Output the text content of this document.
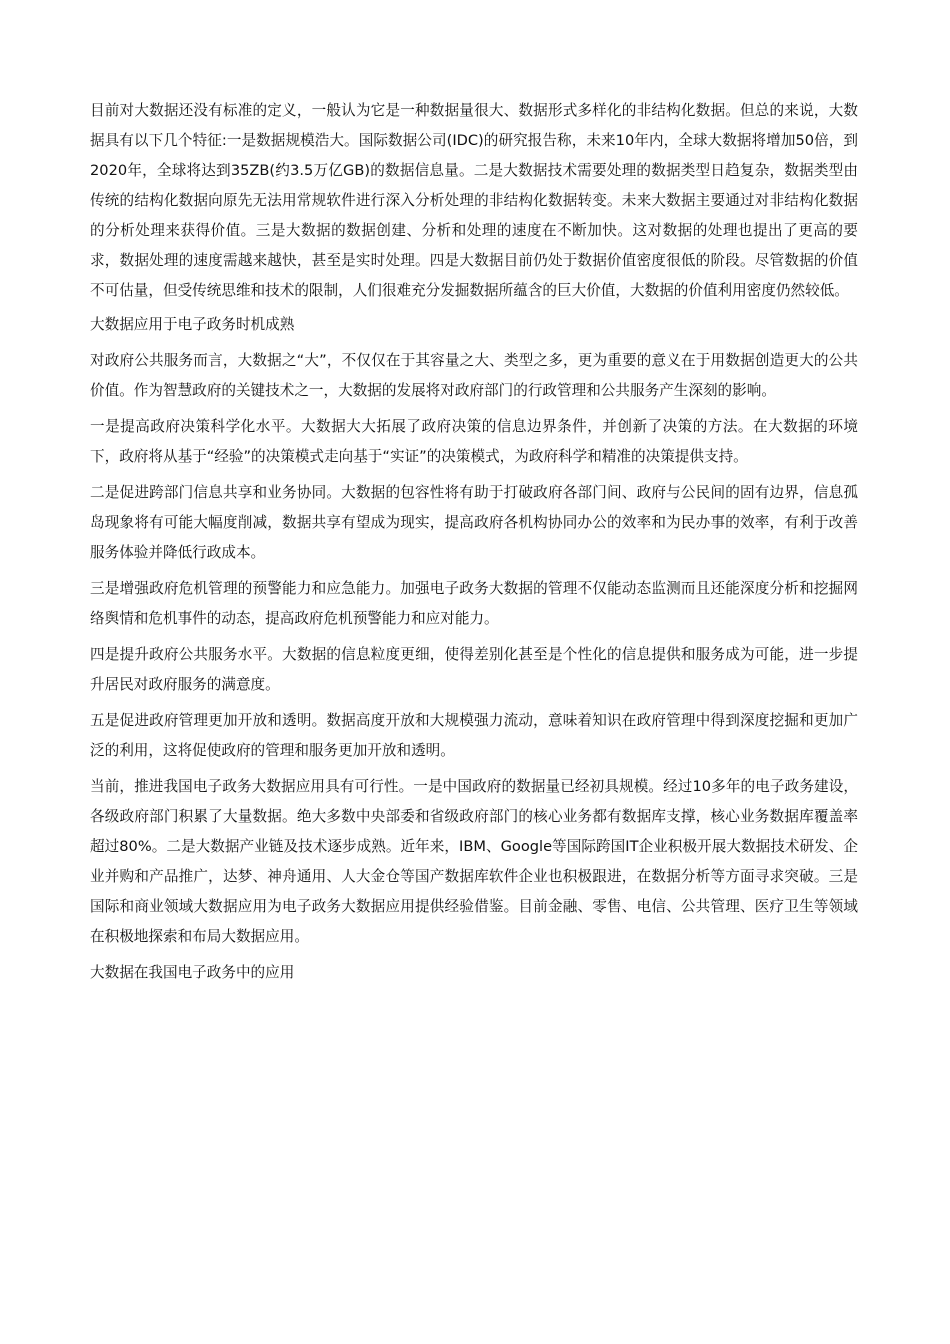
目前对大数据还没有标准的定义，一般认为它是一种数据量很大、数据形式多样化的非结构化数据。但总的来说，大数据具有以下几个特征:一是数据规模浩大。国际数据公司(IDC)的研究报告称，未来10年内，全球大数据将增加50倍，到2020年，全球将达到35ZB(约3.5万亿GB)的数据信息量。二是大数据技术需要处理的数据类型日趋复杂，数据类型由传统的结构化数据向原先无法用常规软件进行深入分析处理的非结构化数据转变。未来大数据主要通过对非结构化数据的分析处理来获得价值。三是大数据的数据创建、分析和处理的速度在不断加快。这对数据的处理也提出了更高的要求，数据处理的速度需越来越快，甚至是实时处理。四是大数据目前仍处于数据价值密度很低的阶段。尽管数据的价值不可估量，但受传统思维和技术的限制，人们很难充分发掘数据所蕴含的巨大价值，大数据的价值利用密度仍然较低。

大数据应用于电子政务时机成熟

对政府公共服务而言，大数据之“大”，不仅仅在于其容量之大、类型之多，更为重要的意义在于用数据创造更大的公共价值。作为智慧政府的关键技术之一，大数据的发展将对政府部门的行政管理和公共服务产生深刻的影响。

一是提高政府决策科学化水平。大数据大大拓展了政府决策的信息边界条件，并创新了决策的方法。在大数据的环境下，政府将从基于“经验”的决策模式走向基于“实证”的决策模式，为政府科学和精准的决策提供支持。

二是促进跨部门信息共享和业务协同。大数据的包容性将有助于打破政府各部门间、政府与公民间的固有边界，信息孤岛现象将有可能大幅度削减，数据共享有望成为现实，提高政府各机构协同办公的效率和为民办事的效率，有利于改善服务体验并降低行政成本。

三是增强政府危机管理的预警能力和应急能力。加强电子政务大数据的管理不仅能动态监测而且还能深度分析和挖掘网络舆情和危机事件的动态，提高政府危机预警能力和应对能力。

四是提升政府公共服务水平。大数据的信息粒度更细，使得差别化甚至是个性化的信息提供和服务成为可能，进一步提升居民对政府服务的满意度。

五是促进政府管理更加开放和透明。数据高度开放和大规模强力流动，意味着知识在政府管理中得到深度挖掘和更加广泛的利用，这将促使政府的管理和服务更加开放和透明。

当前，推进我国电子政务大数据应用具有可行性。一是中国政府的数据量已经初具规模。经过10多年的电子政务建设，各级政府部门积累了大量数据。绝大多数中央部委和省级政府部门的核心业务都有数据库支撑，核心业务数据库覆盖率超过80%。二是大数据产业链及技术逐步成熟。近年来，IBM、Google等国际跨国IT企业积极开展大数据技术研发、企业并购和产品推广，达梦、神舟通用、人大金仓等国产数据库软件企业也积极跟进，在数据分析等方面寻求突破。三是国际和商业领域大数据应用为电子政务大数据应用提供经验借鉴。目前金融、零售、电信、公共管理、医疗卫生等领域在积极地探索和布局大数据应用。

大数据在我国电子政务中的应用
